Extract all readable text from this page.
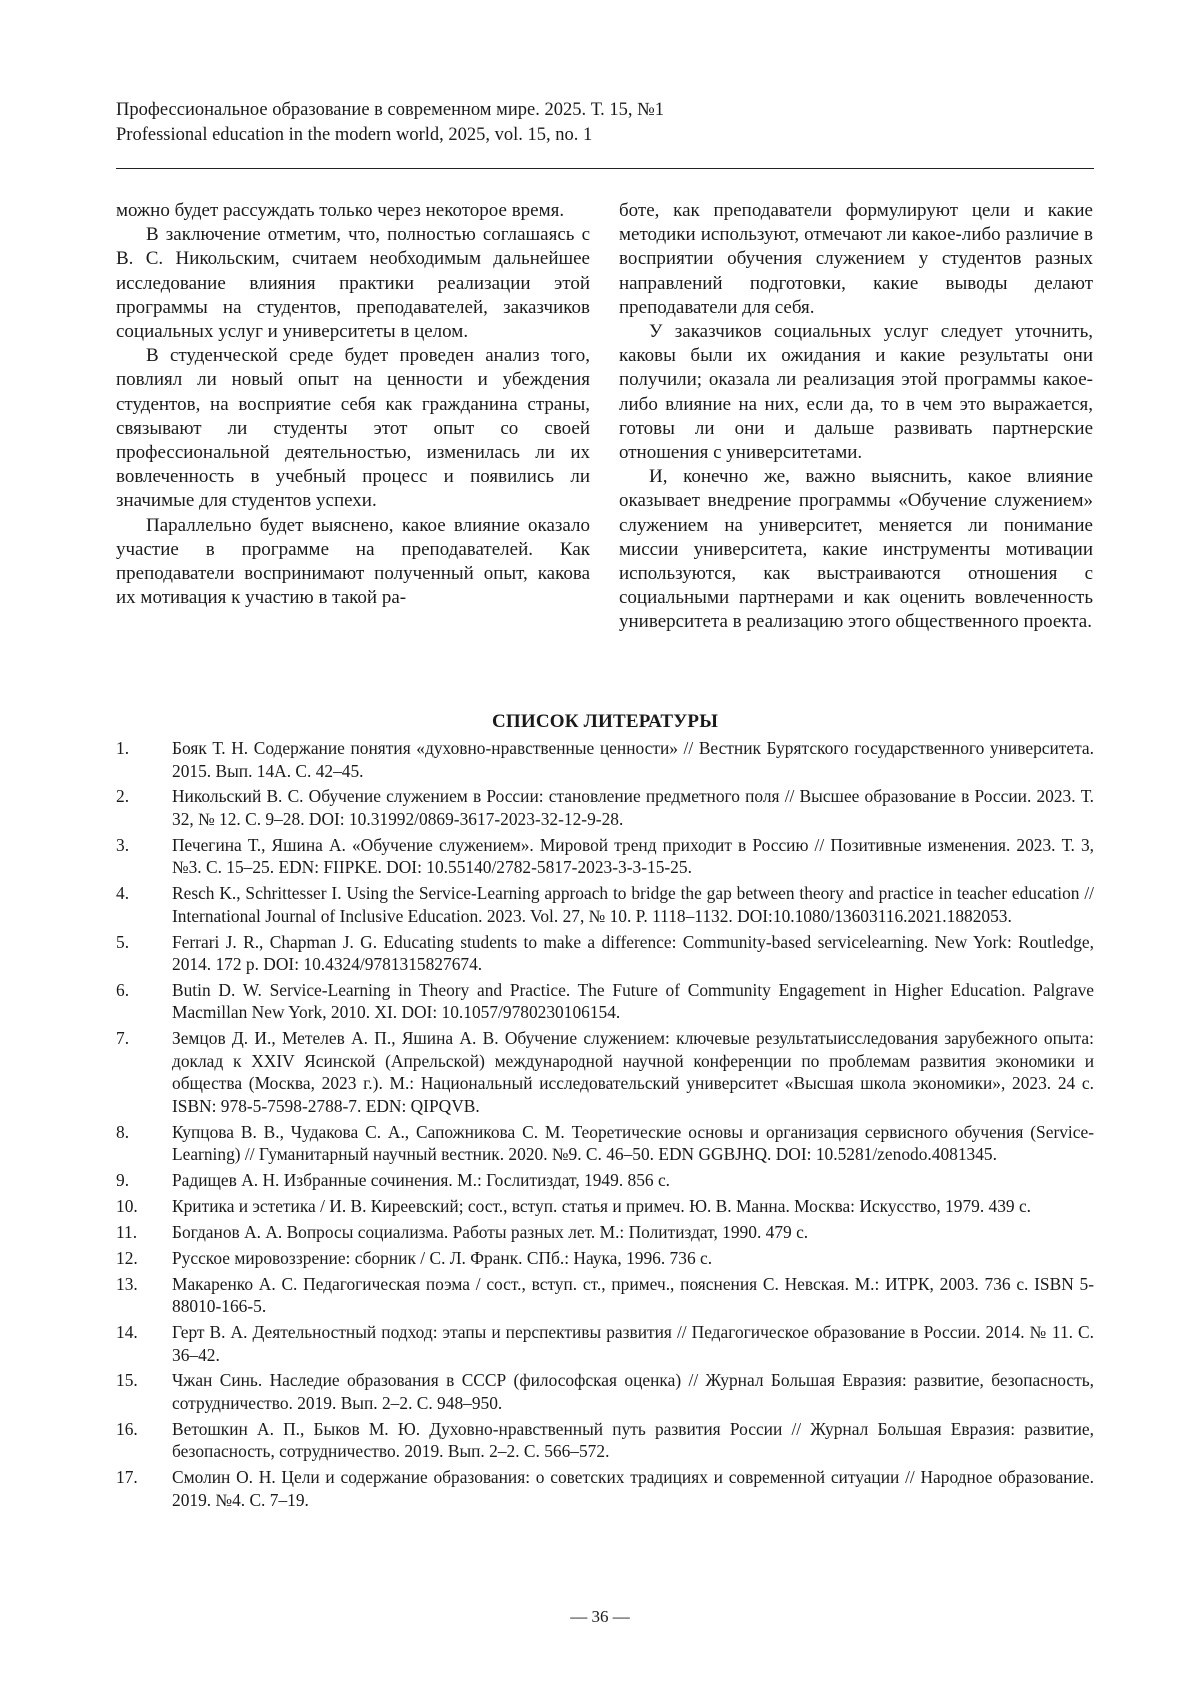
Профессиональное образование в современном мире. 2025. Т. 15, №1
Professional education in the modern world, 2025, vol. 15, no. 1

можно будет рассуждать только через некоторое время.

В заключение отметим, что, полностью соглашаясь с В. С. Никольским, считаем необходимым дальнейшее исследование влияния практики реализации этой программы на студентов, преподавателей, заказчиков социальных услуг и университеты в целом.

В студенческой среде будет проведен анализ того, повлиял ли новый опыт на ценности и убеждения студентов, на восприятие себя как гражданина страны, связывают ли студенты этот опыт со своей профессиональной деятельностью, изменилась ли их вовлеченность в учебный процесс и появились ли значимые для студентов успехи.

Параллельно будет выяснено, какое влияние оказало участие в программе на преподавателей. Как преподаватели воспринимают полученный опыт, какова их мотивация к участию в такой ра-

боте, как преподаватели формулируют цели и какие методики используют, отмечают ли какое-либо различие в восприятии обучения служением у студентов разных направлений подготовки, какие выводы делают преподаватели для себя.

У заказчиков социальных услуг следует уточнить, каковы были их ожидания и какие результаты они получили; оказала ли реализация этой программы какое-либо влияние на них, если да, то в чем это выражается, готовы ли они и дальше развивать партнерские отношения с университетами.

И, конечно же, важно выяснить, какое влияние оказывает внедрение программы «Обучение служением» служением на университет, меняется ли понимание миссии университета, какие инструменты мотивации используются, как выстраиваются отношения с социальными партнерами и как оценить вовлеченность университета в реализацию этого общественного проекта.

СПИСОК ЛИТЕРАТУРЫ
1.	Бояк Т. Н. Содержание понятия «духовно-нравственные ценности» // Вестник Бурятского государственного университета. 2015. Вып. 14А. С. 42–45.
2.	Никольский В. С. Обучение служением в России: становление предметного поля // Высшее образование в России. 2023. Т. 32, № 12. С. 9–28. DOI: 10.31992/0869-3617-2023-32-12-9-28.
3.	Печегина Т., Яшина А. «Обучение служением». Мировой тренд приходит в Россию // Позитивные изменения. 2023. Т. 3, №3. С. 15–25. EDN: FIIPKE. DOI: 10.55140/2782-5817-2023-3-3-15-25.
4.	Resch K., Schrittesser I. Using the Service-Learning approach to bridge the gap between theory and practice in teacher education // International Journal of Inclusive Education. 2023. Vol. 27, № 10. P. 1118–1132. DOI:10.1080/13603116.2021.1882053.
5.	Ferrari J. R., Chapman J. G. Educating students to make a difference: Community-based servicelearning. New York: Routledge, 2014. 172 p. DOI: 10.4324/9781315827674.
6.	Butin D. W. Service-Learning in Theory and Practice. The Future of Community Engagement in Higher Education. Palgrave Macmillan New York, 2010. XI. DOI: 10.1057/9780230106154.
7.	Земцов Д. И., Метелев А. П., Яшина А. В. Обучение служением: ключевые результатыисследования зарубежного опыта: доклад к XXIV Ясинской (Апрельской) международной научной конференции по проблемам развития экономики и общества (Москва, 2023 г.). М.: Национальный исследовательский университет «Высшая школа экономики», 2023. 24 с. ISBN: 978-5-7598-2788-7. EDN: QIPQVB.
8.	Купцова В. В., Чудакова С. А., Сапожникова С. М. Теоретические основы и организация сервисного обучения (Service-Learning) // Гуманитарный научный вестник. 2020. №9. С. 46–50. EDN GGBJHQ. DOI: 10.5281/zenodo.4081345.
9.	Радищев А. Н. Избранные сочинения. М.: Гослитиздат, 1949. 856 с.
10.	Критика и эстетика / И. В. Киреевский; сост., вступ. статья и примеч. Ю. В. Манна. Москва: Искусство, 1979. 439 с.
11.	Богданов А. А. Вопросы социализма. Работы разных лет. М.: Политиздат, 1990. 479 с.
12.	Русское мировоззрение: сборник / С. Л. Франк. СПб.: Наука, 1996. 736 с.
13.	Макаренко А. С. Педагогическая поэма / сост., вступ. ст., примеч., пояснения С. Невская. М.: ИТРК, 2003. 736 с. ISBN 5-88010-166-5.
14.	Герт В. А. Деятельностный подход: этапы и перспективы развития // Педагогическое образование в России. 2014. № 11. С. 36–42.
15.	Чжан Синь. Наследие образования в СССР (философская оценка) // Журнал Большая Евразия: развитие, безопасность, сотрудничество. 2019. Вып. 2–2. С. 948–950.
16.	Ветошкин А. П., Быков М. Ю. Духовно-нравственный путь развития России // Журнал Большая Евразия: развитие, безопасность, сотрудничество. 2019. Вып. 2–2. С. 566–572.
17.	Смолин О. Н. Цели и содержание образования: о советских традициях и современной ситуации // Народное образование. 2019. №4. С. 7–19.
— 36 —
